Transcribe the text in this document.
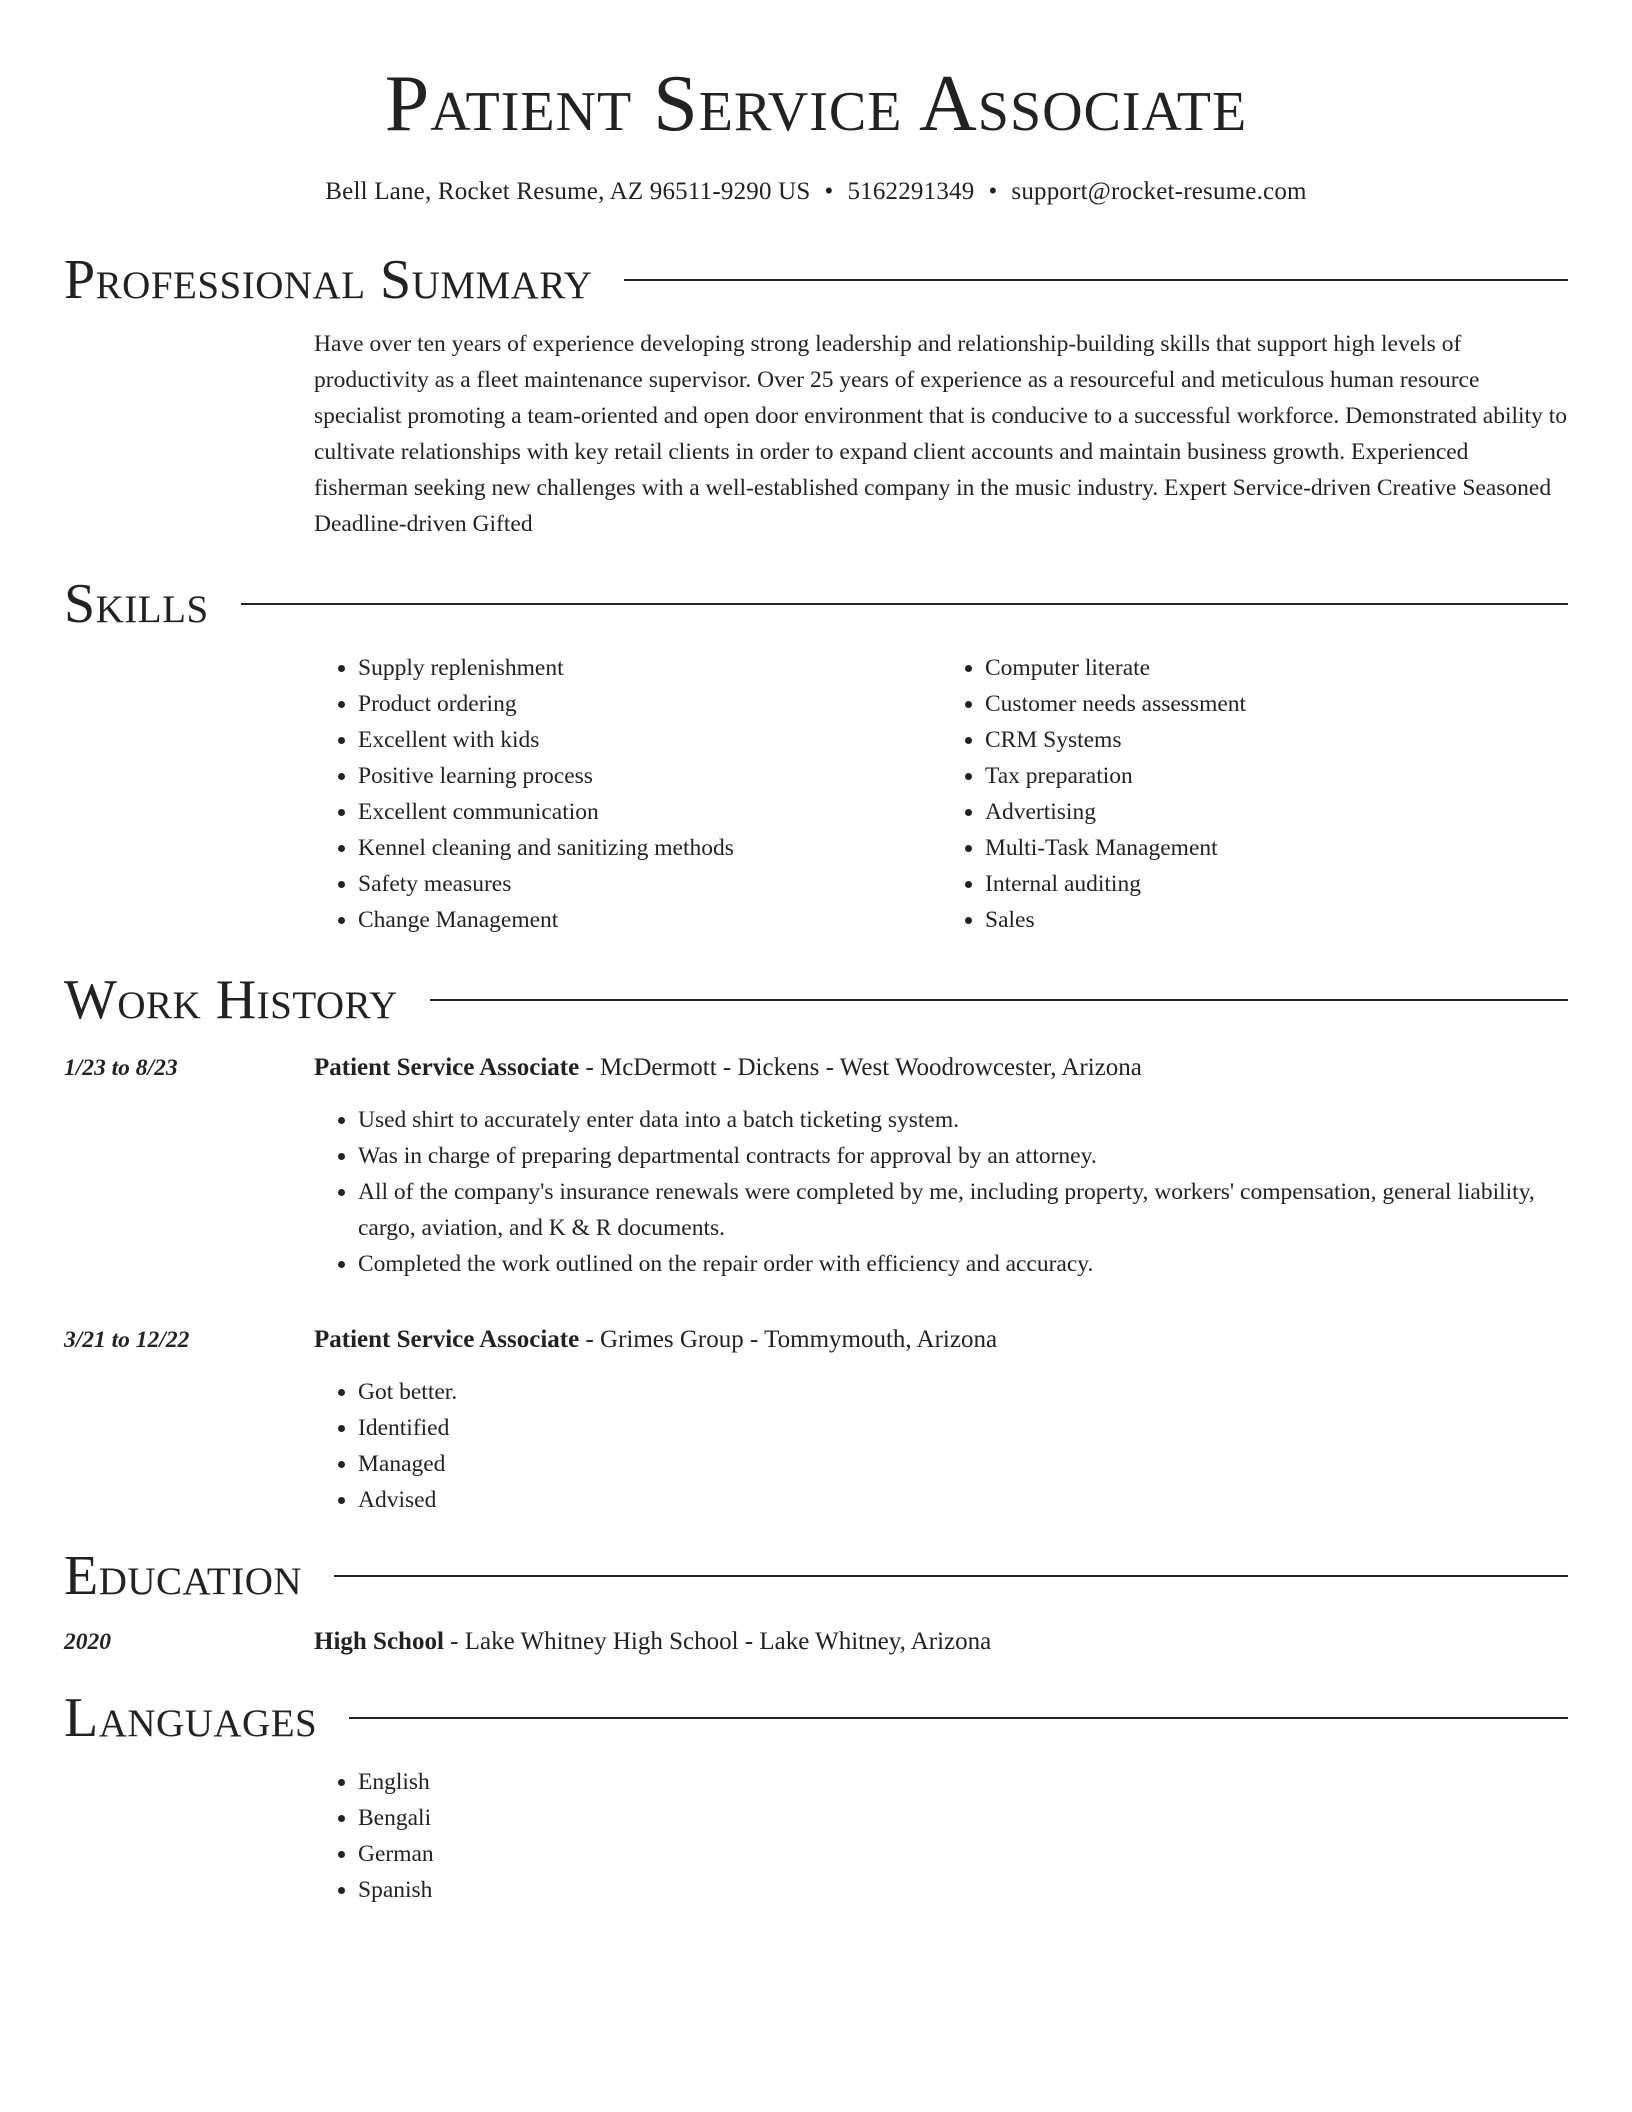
Patient Service Associate
Bell Lane, Rocket Resume, AZ 96511-9290 US • 5162291349 • support@rocket-resume.com
Professional Summary
Have over ten years of experience developing strong leadership and relationship-building skills that support high levels of productivity as a fleet maintenance supervisor. Over 25 years of experience as a resourceful and meticulous human resource specialist promoting a team-oriented and open door environment that is conducive to a successful workforce. Demonstrated ability to cultivate relationships with key retail clients in order to expand client accounts and maintain business growth. Experienced fisherman seeking new challenges with a well-established company in the music industry. Expert Service-driven Creative Seasoned Deadline-driven Gifted
Skills
• Supply replenishment
• Product ordering
• Excellent with kids
• Positive learning process
• Excellent communication
• Kennel cleaning and sanitizing methods
• Safety measures
• Change Management
• Computer literate
• Customer needs assessment
• CRM Systems
• Tax preparation
• Advertising
• Multi-Task Management
• Internal auditing
• Sales
Work History
1/23 to 8/23	Patient Service Associate - McDermott - Dickens - West Woodrowcester, Arizona
• Used shirt to accurately enter data into a batch ticketing system.
• Was in charge of preparing departmental contracts for approval by an attorney.
• All of the company's insurance renewals were completed by me, including property, workers' compensation, general liability, cargo, aviation, and K & R documents.
• Completed the work outlined on the repair order with efficiency and accuracy.
3/21 to 12/22	Patient Service Associate - Grimes Group - Tommymouth, Arizona
• Got better.
• Identified
• Managed
• Advised
Education
2020	High School - Lake Whitney High School - Lake Whitney, Arizona
Languages
• English
• Bengali
• German
• Spanish
